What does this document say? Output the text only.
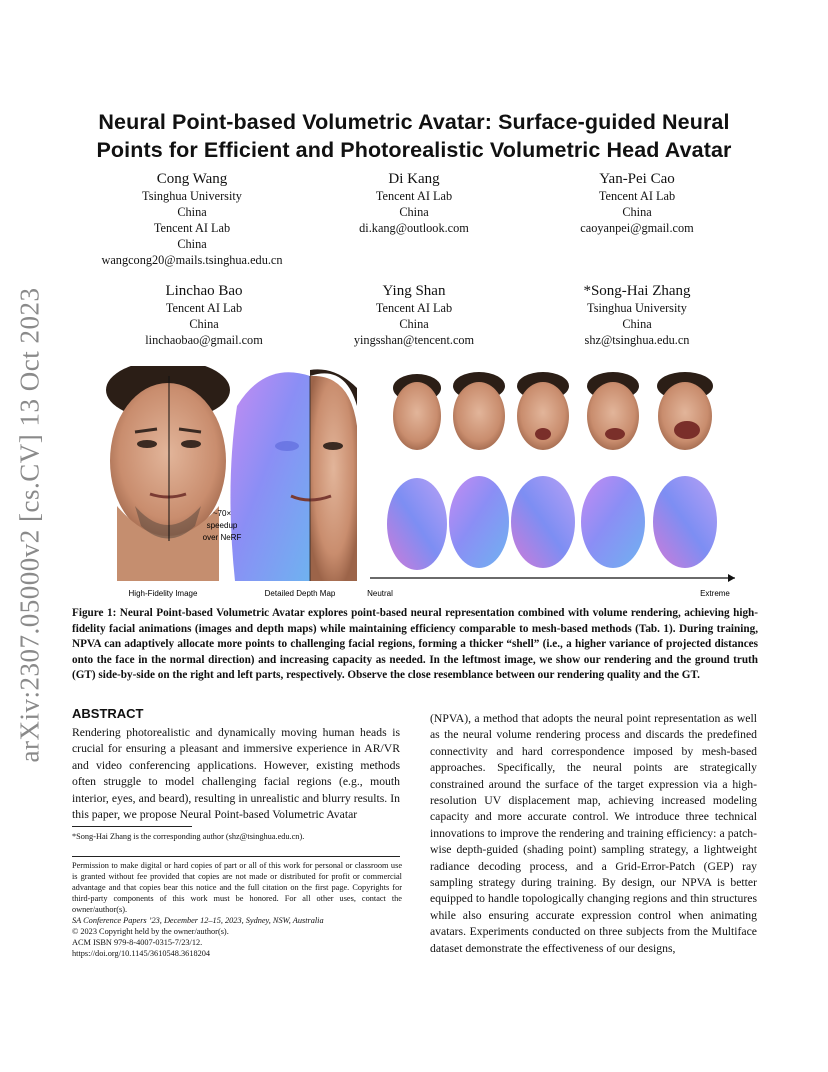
arXiv:2307.05000v2 [cs.CV] 13 Oct 2023
Neural Point-based Volumetric Avatar: Surface-guided Neural
Points for Efficient and Photorealistic Volumetric Head Avatar
Cong Wang
Tsinghua University
China
Tencent AI Lab
China
wangcong20@mails.tsinghua.edu.cn
Di Kang
Tencent AI Lab
China
di.kang@outlook.com
Yan-Pei Cao
Tencent AI Lab
China
caoyanpei@gmail.com
Linchao Bao
Tencent AI Lab
China
linchaobao@gmail.com
Ying Shan
Tencent AI Lab
China
yingsshan@tencent.com
*Song-Hai Zhang
Tsinghua University
China
shz@tsinghua.edu.cn
~70×
speedup
over NeRF
High-Fidelity Image	Detailed Depth Map	Neutral	Extreme
Figure 1: Neural Point-based Volumetric Avatar explores point-based neural representation combined with volume rendering, achieving high-fidelity facial animations (images and depth maps) while maintaining efficiency comparable to mesh-based methods (Tab. 1). During training, NPVA can adaptively allocate more points to challenging facial regions, forming a thicker “shell” (i.e., a higher variance of projected distances onto the face in the normal direction) and increasing capacity as needed. In the leftmost image, we show our rendering and the ground truth (GT) side-by-side on the right and left parts, respectively. Observe the close resemblance between our rendering quality and the GT.
ABSTRACT
Rendering photorealistic and dynamically moving human heads is crucial for ensuring a pleasant and immersive experience in AR/VR and video conferencing applications. However, existing methods often struggle to model challenging facial regions (e.g., mouth interior, eyes, and beard), resulting in unrealistic and blurry results. In this paper, we propose Neural Point-based Volumetric Avatar
*Song-Hai Zhang is the corresponding author (shz@tsinghua.edu.cn).
Permission to make digital or hard copies of part or all of this work for personal or classroom use is granted without fee provided that copies are not made or distributed for profit or commercial advantage and that copies bear this notice and the full citation on the first page. Copyrights for third-party components of this work must be honored. For all other uses, contact the owner/author(s).
SA Conference Papers ’23, December 12–15, 2023, Sydney, NSW, Australia
© 2023 Copyright held by the owner/author(s).
ACM ISBN 979-8-4007-0315-7/23/12.
https://doi.org/10.1145/3610548.3618204
(NPVA), a method that adopts the neural point representation as well as the neural volume rendering process and discards the predefined connectivity and hard correspondence imposed by mesh-based approaches. Specifically, the neural points are strategically constrained around the surface of the target expression via a high-resolution UV displacement map, achieving increased modeling capacity and more accurate control. We introduce three technical innovations to improve the rendering and training efficiency: a patch-wise depth-guided (shading point) sampling strategy, a lightweight radiance decoding process, and a Grid-Error-Patch (GEP) ray sampling strategy during training. By design, our NPVA is better equipped to handle topologically changing regions and thin structures while also ensuring accurate expression control when animating avatars. Experiments conducted on three subjects from the Multiface dataset demonstrate the effectiveness of our designs,
